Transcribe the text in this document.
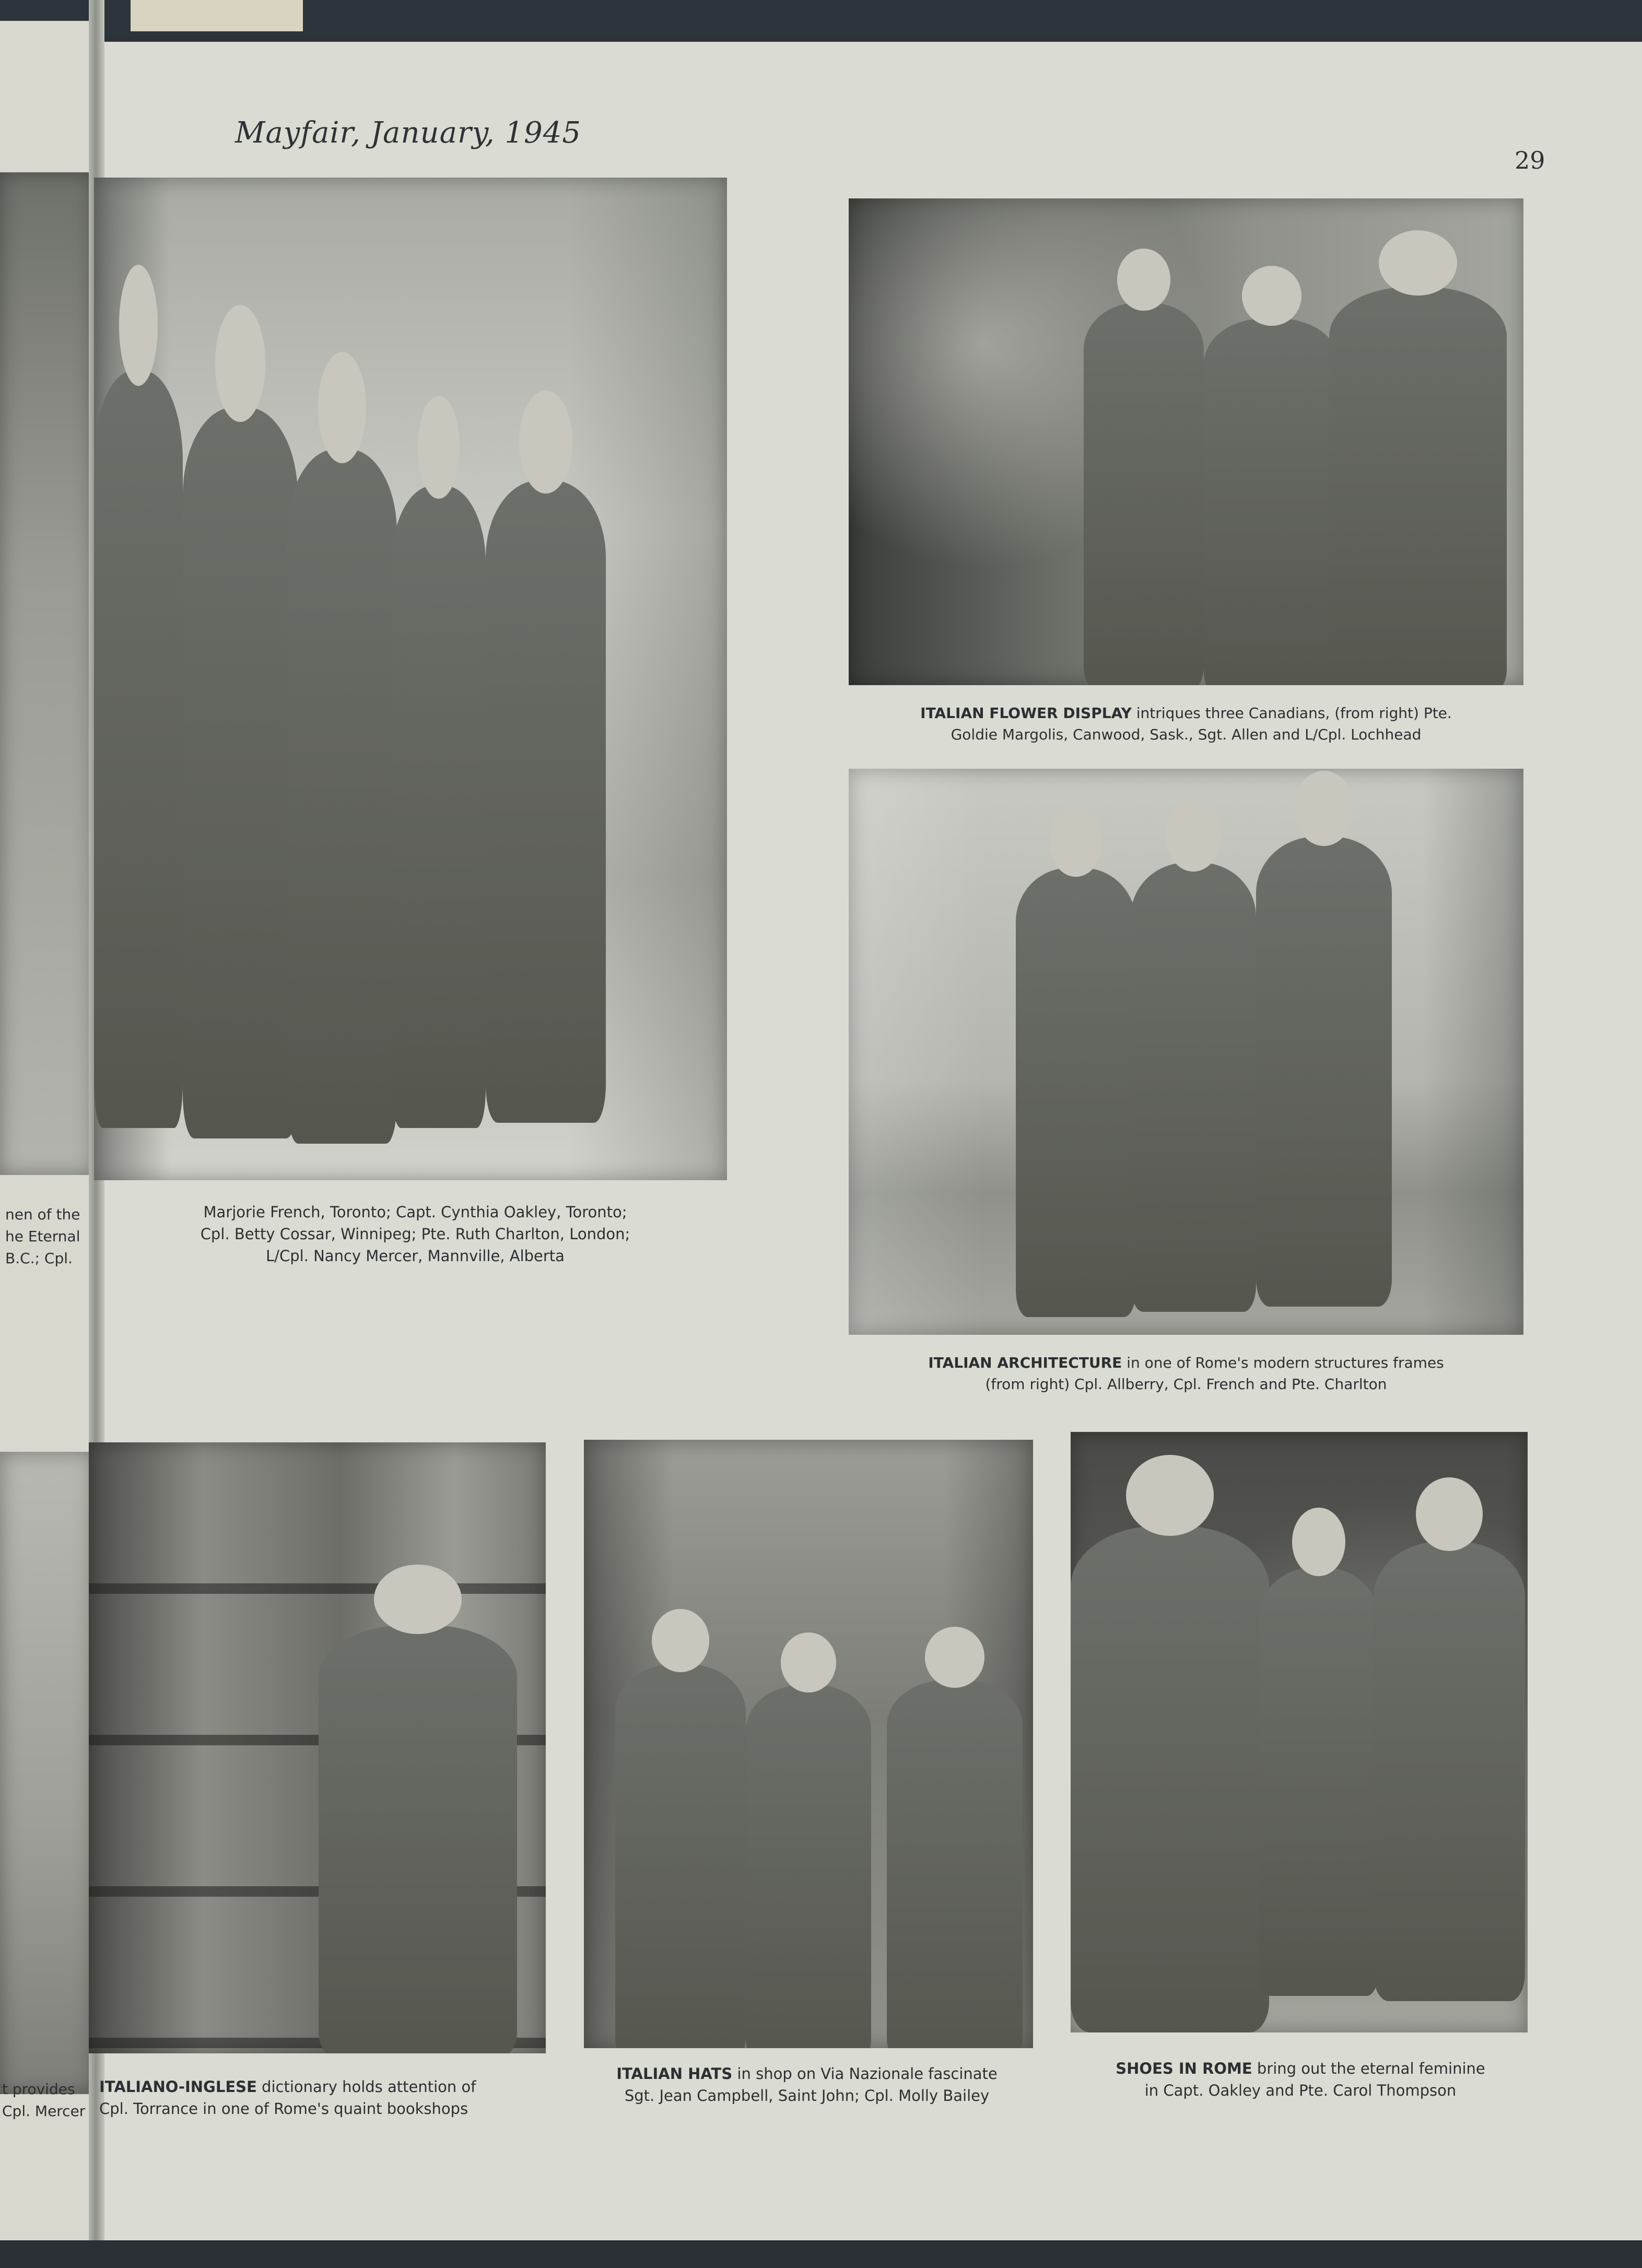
nen of the
he Eternal
B.C.; Cpl.
t provides
Cpl. Mercer
Mayfair, January, 1945
29
Marjorie French, Toronto; Capt. Cynthia Oakley, Toronto;
Cpl. Betty Cossar, Winnipeg; Pte. Ruth Charlton, London;
L/Cpl. Nancy Mercer, Mannville, Alberta
ITALIAN FLOWER DISPLAY intriques three Canadians, (from right) Pte.
Goldie Margolis, Canwood, Sask., Sgt. Allen and L/Cpl. Lochhead
ITALIAN ARCHITECTURE in one of Rome's modern structures frames
(from right) Cpl. Allberry, Cpl. French and Pte. Charlton
ITALIANO-INGLESE dictionary holds attention of
Cpl. Torrance in one of Rome's quaint bookshops
ITALIAN HATS in shop on Via Nazionale fascinate
Sgt. Jean Campbell, Saint John; Cpl. Molly Bailey
SHOES IN ROME bring out the eternal feminine
in Capt. Oakley and Pte. Carol Thompson
